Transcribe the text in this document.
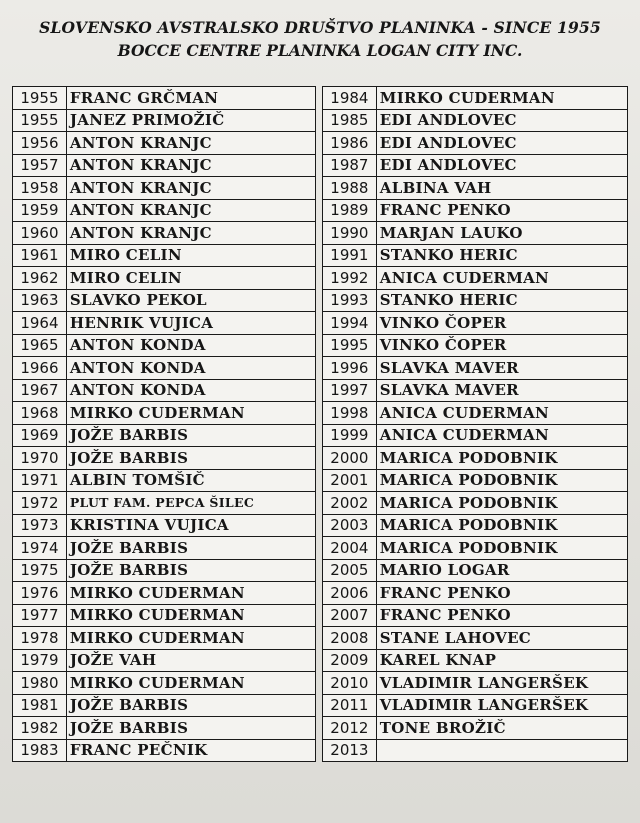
SLOVENSKO AVSTRALSKO DRUŠTVO PLANINKA - SINCE 1955
BOCCE CENTRE PLANINKA LOGAN CITY INC.
1955	FRANC GRČMAN
1955	JANEZ PRIMOŽIČ
1956	ANTON KRANJC
1957	ANTON KRANJC
1958	ANTON KRANJC
1959	ANTON KRANJC
1960	ANTON KRANJC
1961	MIRO CELIN
1962	MIRO CELIN
1963	SLAVKO PEKOL
1964	HENRIK VUJICA
1965	ANTON KONDA
1966	ANTON KONDA
1967	ANTON KONDA
1968	MIRKO CUDERMAN
1969	JOŽE BARBIS
1970	JOŽE BARBIS
1971	ALBIN TOMŠIČ
1972	PLUT FAM. PEPCA ŠILEC
1973	KRISTINA VUJICA
1974	JOŽE BARBIS
1975	JOŽE BARBIS
1976	MIRKO CUDERMAN
1977	MIRKO CUDERMAN
1978	MIRKO CUDERMAN
1979	JOŽE VAH
1980	MIRKO CUDERMAN
1981	JOŽE BARBIS
1982	JOŽE BARBIS
1983	FRANC PEČNIK
1984	MIRKO CUDERMAN
1985	EDI ANDLOVEC
1986	EDI ANDLOVEC
1987	EDI ANDLOVEC
1988	ALBINA VAH
1989	FRANC PENKO
1990	MARJAN LAUKO
1991	STANKO HERIC
1992	ANICA CUDERMAN
1993	STANKO HERIC
1994	VINKO ČOPER
1995	VINKO ČOPER
1996	SLAVKA MAVER
1997	SLAVKA MAVER
1998	ANICA CUDERMAN
1999	ANICA CUDERMAN
2000	MARICA PODOBNIK
2001	MARICA PODOBNIK
2002	MARICA PODOBNIK
2003	MARICA PODOBNIK
2004	MARICA PODOBNIK
2005	MARIO LOGAR
2006	FRANC PENKO
2007	FRANC PENKO
2008	STANE LAHOVEC
2009	KAREL KNAP
2010	VLADIMIR LANGERŠEK
2011	VLADIMIR LANGERŠEK
2012	TONE BROŽIČ
2013	
